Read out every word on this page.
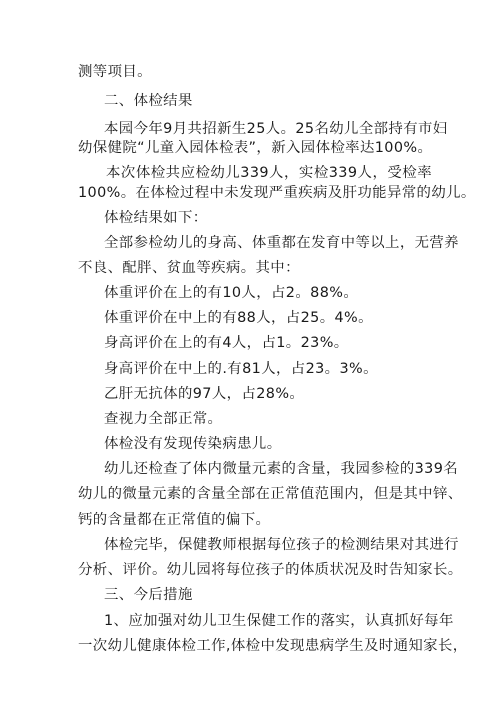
测等项目。
二、体检结果
本园今年9月共招新生25人。25名幼儿全部持有市妇
幼保健院“儿童入园体检表”，新入园体检率达100%。
本次体检共应检幼儿339人，实检339人，受检率
100%。在体检过程中未发现严重疾病及肝功能异常的幼儿。
体检结果如下：
全部参检幼儿的身高、体重都在发育中等以上，无营养
不良、配胖、贫血等疾病。其中：
体重评价在上的有10人，占2。88%。
体重评价在中上的有88人，占25。4%。
身高评价在上的有4人，占1。23%。
身高评价在中上的.有81人，占23。3%。
乙肝无抗体的97人，占28%。
查视力全部正常。
体检没有发现传染病患儿。
幼儿还检查了体内微量元素的含量，我园参检的339名
幼儿的微量元素的含量全部在正常值范围内，但是其中锌、
钙的含量都在正常值的偏下。
体检完毕，保健教师根据每位孩子的检测结果对其进行
分析、评价。幼儿园将每位孩子的体质状况及时告知家长。
三、今后措施
1、应加强对幼儿卫生保健工作的落实，认真抓好每年
一次幼儿健康体检工作,体检中发现患病学生及时通知家长，
